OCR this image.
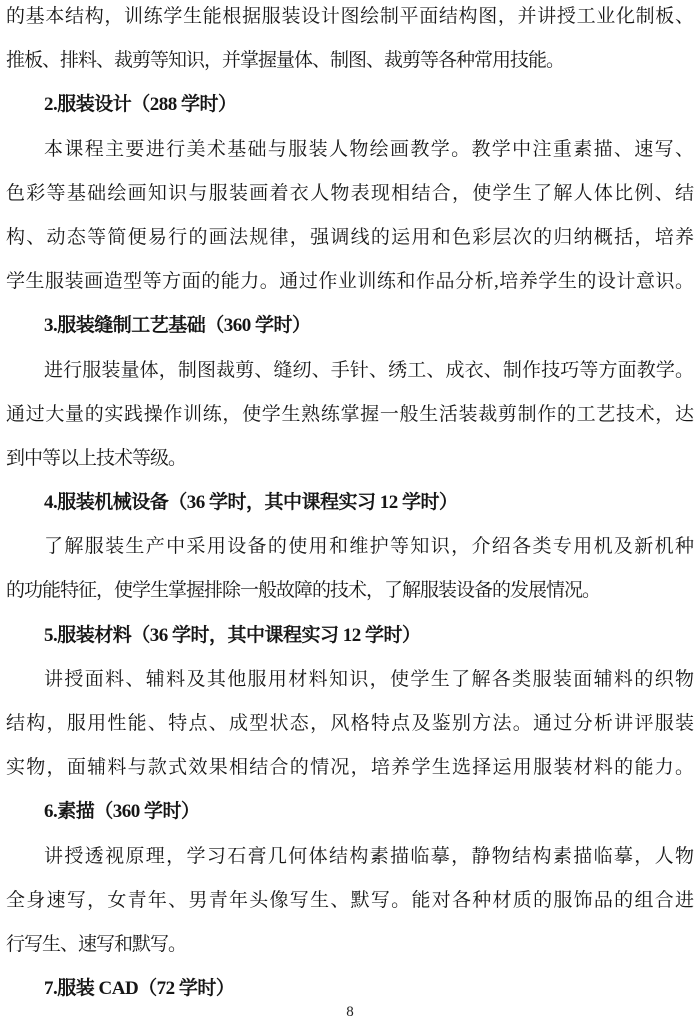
的基本结构，训练学生能根据服装设计图绘制平面结构图，并讲授工业化制板、
推板、排料、裁剪等知识，并掌握量体、制图、裁剪等各种常用技能。
2.服装设计（288 学时）
本课程主要进行美术基础与服装人物绘画教学。教学中注重素描、速写、
色彩等基础绘画知识与服装画着衣人物表现相结合，使学生了解人体比例、结
构、动态等简便易行的画法规律，强调线的运用和色彩层次的归纳概括，培养
学生服装画造型等方面的能力。通过作业训练和作品分析,培养学生的设计意识。
3.服装缝制工艺基础（360 学时）
进行服装量体，制图裁剪、缝纫、手针、绣工、成衣、制作技巧等方面教学。
通过大量的实践操作训练，使学生熟练掌握一般生活装裁剪制作的工艺技术，达
到中等以上技术等级。
4.服装机械设备（36 学时，其中课程实习 12 学时）
了解服装生产中采用设备的使用和维护等知识，介绍各类专用机及新机种
的功能特征，使学生掌握排除一般故障的技术，了解服装设备的发展情况。
5.服装材料（36 学时，其中课程实习 12 学时）
讲授面料、辅料及其他服用材料知识，使学生了解各类服装面辅料的织物
结构，服用性能、特点、成型状态，风格特点及鉴别方法。通过分析讲评服装
实物，面辅料与款式效果相结合的情况，培养学生选择运用服装材料的能力。
6.素描（360 学时）
讲授透视原理，学习石膏几何体结构素描临摹，静物结构素描临摹，人物
全身速写，女青年、男青年头像写生、默写。能对各种材质的服饰品的组合进
行写生、速写和默写。
7.服装 CAD（72 学时）
8
